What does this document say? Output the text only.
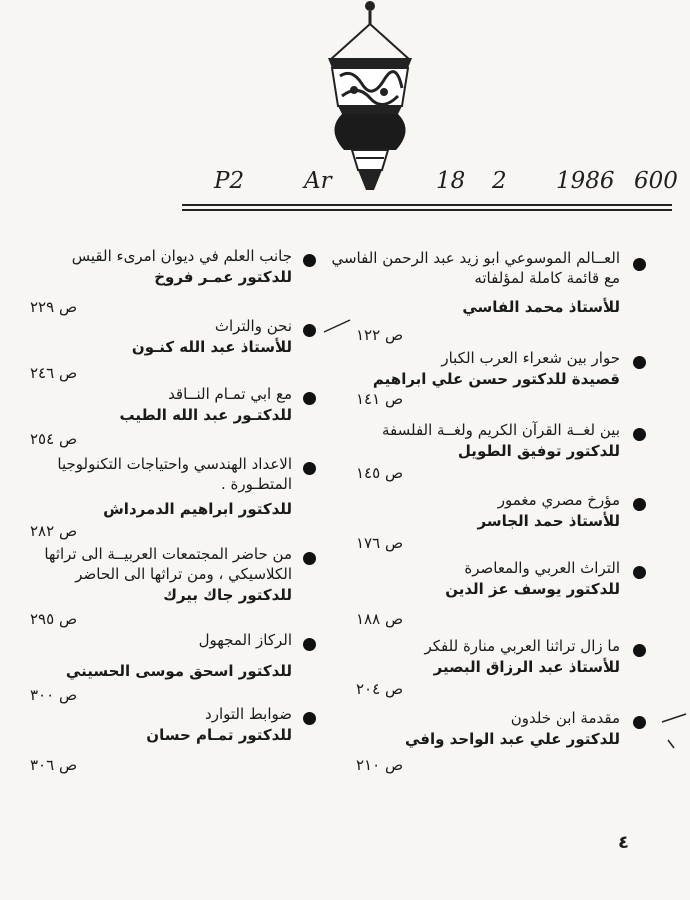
P2	Ar	18 2 1986 600
العــالم الموسوعي ابو زيد عبد الرحمن الفاسي مع قائمة كاملة لمؤلفاته
للأستاذ محمد الفاسي
ص ١٢٢
حوار بين شعراء العرب الكبار
قصيدة للدكتور حسن علي ابراهيم
ص ١٤١
بين لغــة القرآن الكريم ولغــة الفلسفة
للدكتور توفيق الطويل
ص ١٤٥
مؤرخ مصري مغمور
للأستاذ حمد الجاسر
ص ١٧٦
التراث العربي والمعاصرة
للدكتور يوسف عز الدين
ص ١٨٨
ما زال تراثنا العربي منارة للفكر
للأستاذ عبد الرزاق البصير
ص ٢٠٤
مقدمة ابن خلدون
للدكتور علي عبد الواحد وافي
ص ٢١٠
جانب العلم في ديوان امرىء القيس
للدكتور عمـر فروخ
ص ٢٢٩
نحن والتراث
للأستاذ عبد الله كنـون
ص ٢٤٦
مع ابي تمـام النــاقد
للدكتـور عبد الله الطيب
ص ٢٥٤
الاعداد الهندسي واحتياجات التكنولوجيا المتطـورة .
للدكتور ابراهيم الدمرداش
ص ٢٨٢
من حاضر المجتمعات العربيــة الى تراثها الكلاسيكي ، ومن تراثها الى الحاضر
للدكتور جاك بيرك
ص ٢٩٥
الركاز المجهول
للدكتور اسحق موسى الحسيني
ص ٣٠٠
ضوابط التوارد
للدكتور تمـام حسان
ص ٣٠٦
٤
